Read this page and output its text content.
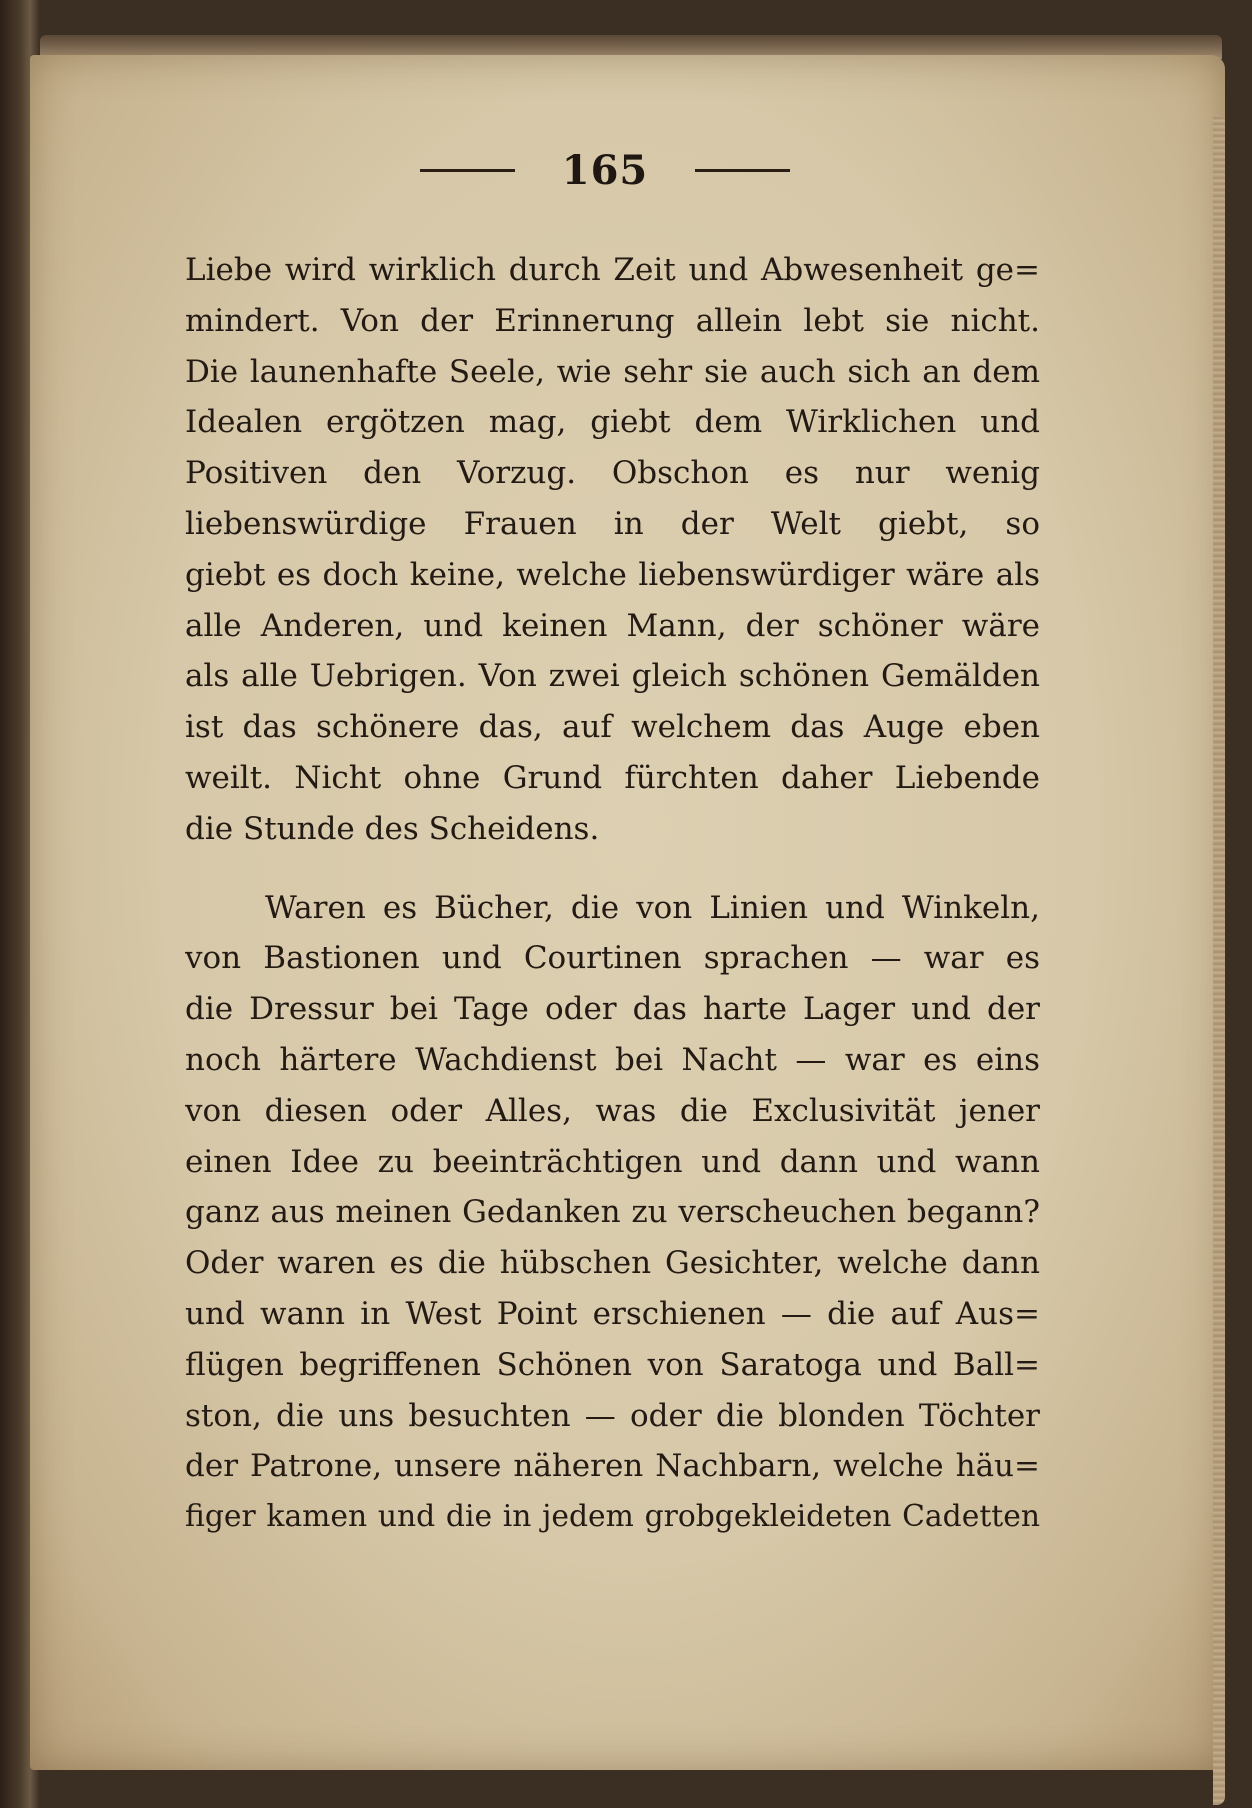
165

Liebe wird wirklich durch Zeit und Abwesenheit ge=
mindert. Von der Erinnerung allein lebt sie nicht.
Die launenhafte Seele, wie sehr sie auch sich an dem
Idealen ergötzen mag, giebt dem Wirklichen und
Positiven den Vorzug. Obschon es nur wenig
liebenswürdige Frauen in der Welt giebt, so
giebt es doch keine, welche liebenswürdiger wäre als
alle Anderen, und keinen Mann, der schöner wäre
als alle Uebrigen. Von zwei gleich schönen Gemälden
ist das schönere das, auf welchem das Auge eben
weilt. Nicht ohne Grund fürchten daher Liebende
die Stunde des Scheidens.

Waren es Bücher, die von Linien und Winkeln,
von Bastionen und Courtinen sprachen — war es
die Dressur bei Tage oder das harte Lager und der
noch härtere Wachdienst bei Nacht — war es eins
von diesen oder Alles, was die Exclusivität jener
einen Idee zu beeinträchtigen und dann und wann
ganz aus meinen Gedanken zu verscheuchen begann?
Oder waren es die hübschen Gesichter, welche dann
und wann in West Point erschienen — die auf Aus=
flügen begriffenen Schönen von Saratoga und Ball=
ston, die uns besuchten — oder die blonden Töchter
der Patrone, unsere näheren Nachbarn, welche häu=
figer kamen und die in jedem grobgekleideten Cadetten
